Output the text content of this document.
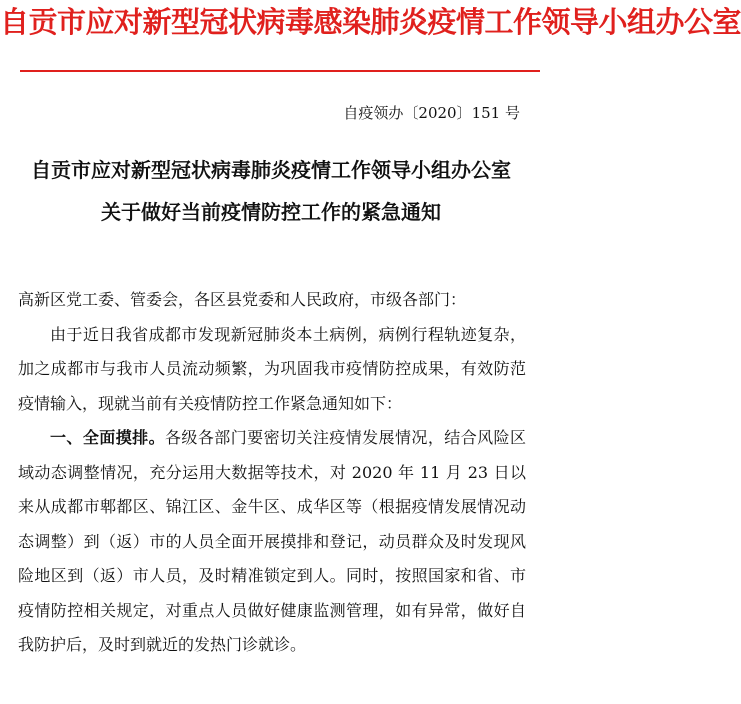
自贡市应对新型冠状病毒感染肺炎疫情工作领导小组办公室
自疫领办〔2020〕151 号
自贡市应对新型冠状病毒肺炎疫情工作领导小组办公室
关于做好当前疫情防控工作的紧急通知

高新区党工委、管委会，各区县党委和人民政府，市级各部门：

由于近日我省成都市发现新冠肺炎本土病例，病例行程轨迹复杂，加之成都市与我市人员流动频繁，为巩固我市疫情防控成果，有效防范疫情输入，现就当前有关疫情防控工作紧急通知如下：

一、全面摸排。各级各部门要密切关注疫情发展情况，结合风险区域动态调整情况，充分运用大数据等技术，对 2020 年 11 月 23 日以来从成都市郫都区、锦江区、金牛区、成华区等（根据疫情发展情况动态调整）到（返）市的人员全面开展摸排和登记，动员群众及时发现风险地区到（返）市人员，及时精准锁定到人。同时，按照国家和省、市疫情防控相关规定，对重点人员做好健康监测管理，如有异常，做好自我防护后，及时到就近的发热门诊就诊。
